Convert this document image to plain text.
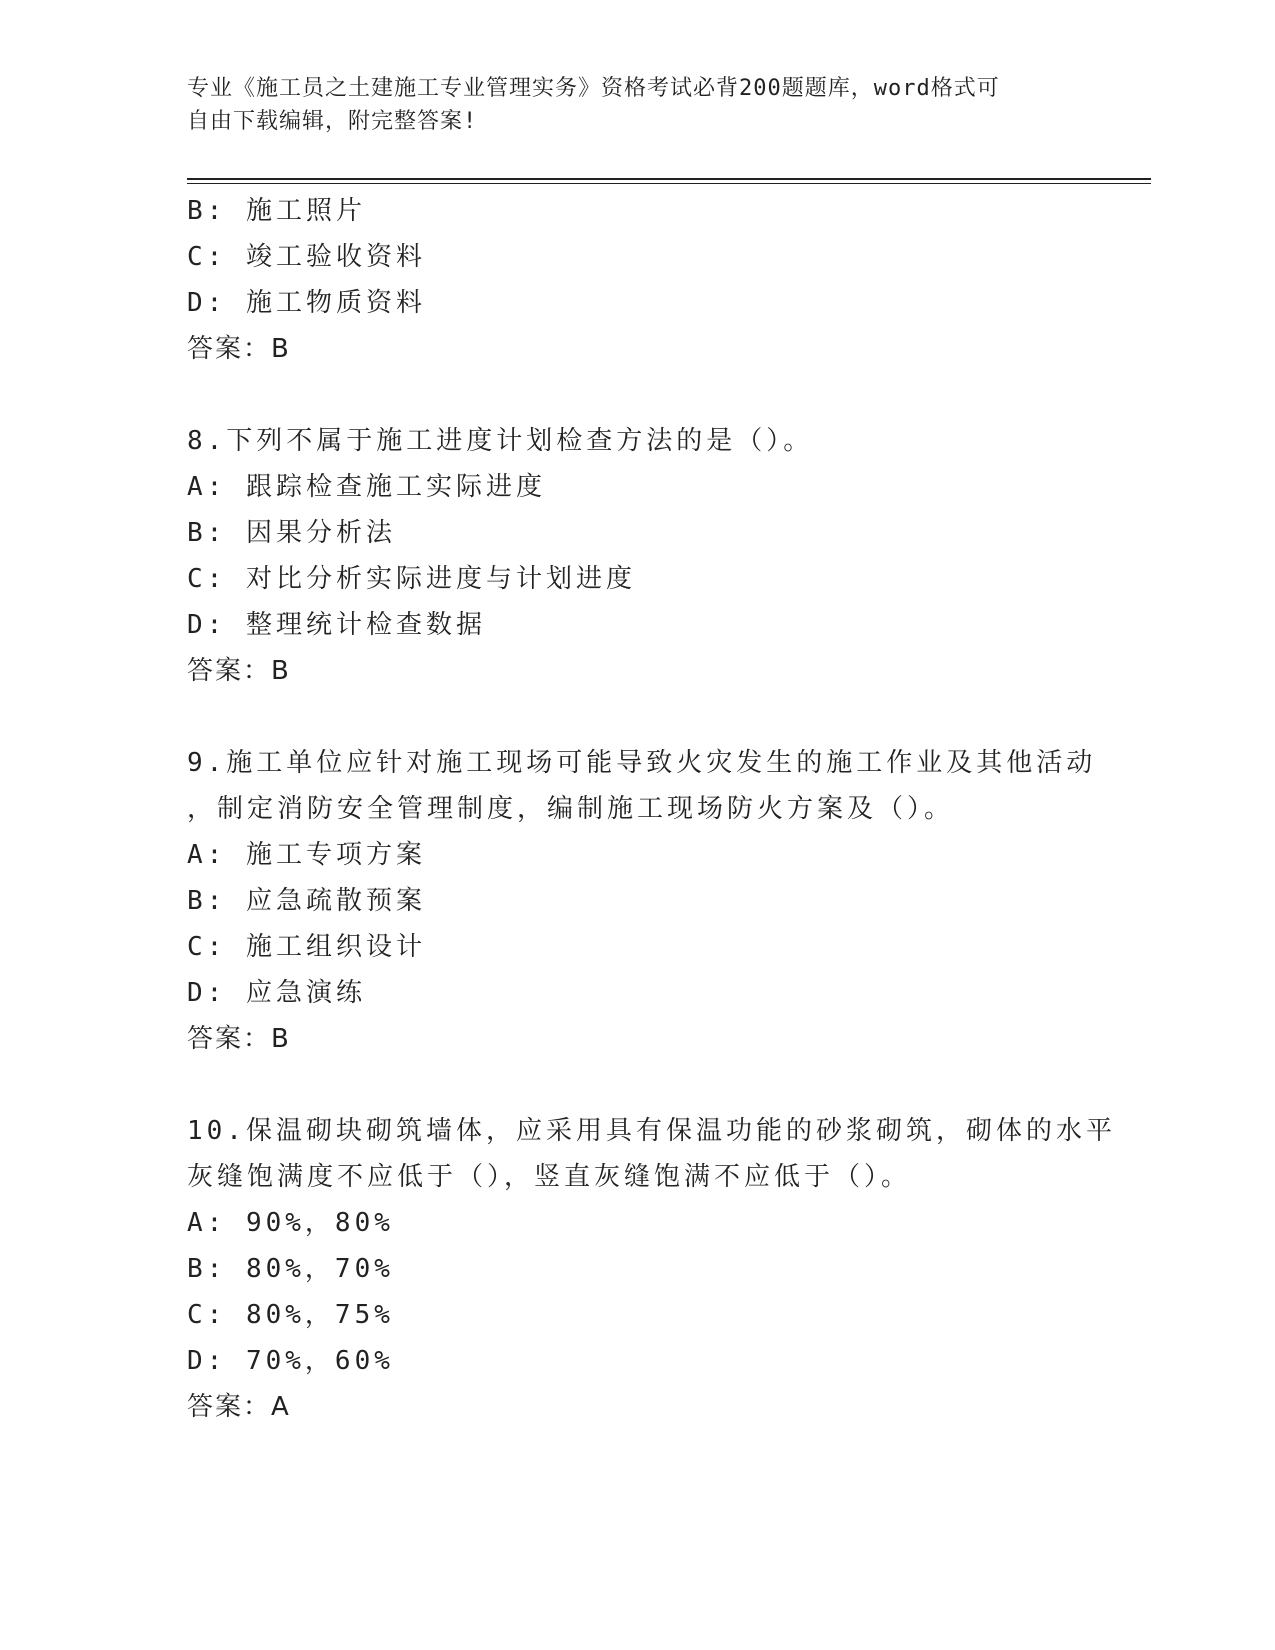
专业《施工员之土建施工专业管理实务》资格考试必背200题题库，word格式可
自由下载编辑，附完整答案!
B: 施工照片
C: 竣工验收资料
D: 施工物质资料
答案：B
8.下列不属于施工进度计划检查方法的是（）。
A: 跟踪检查施工实际进度
B: 因果分析法
C: 对比分析实际进度与计划进度
D: 整理统计检查数据
答案：B
9.施工单位应针对施工现场可能导致火灾发生的施工作业及其他活动
，制定消防安全管理制度，编制施工现场防火方案及（）。
A: 施工专项方案
B: 应急疏散预案
C: 施工组织设计
D: 应急演练
答案：B
10.保温砌块砌筑墙体，应采用具有保温功能的砂浆砌筑，砌体的水平
灰缝饱满度不应低于（），竖直灰缝饱满不应低于（）。
A: 90%，80%
B: 80%，70%
C: 80%，75%
D: 70%，60%
答案：A
